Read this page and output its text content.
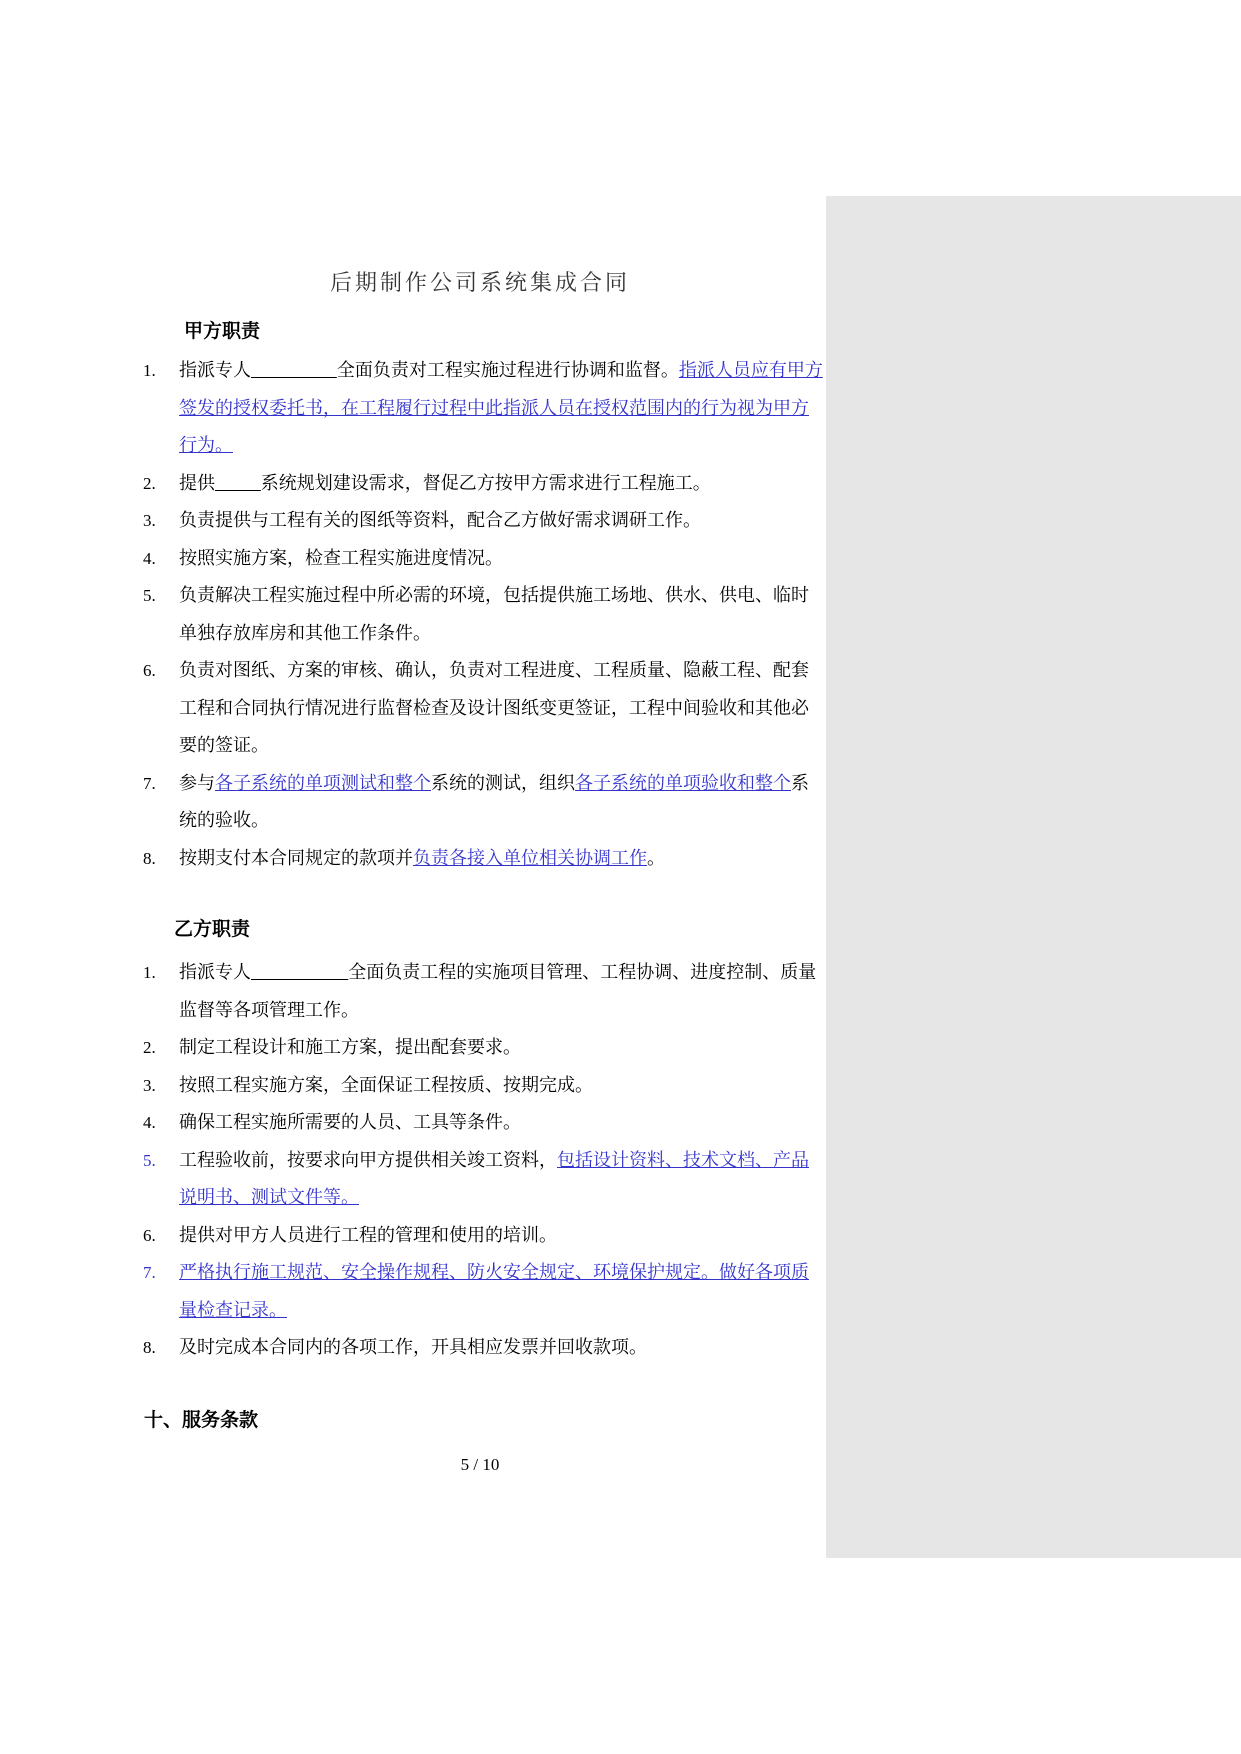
后期制作公司系统集成合同
甲方职责
1.	指派专人	全面负责对工程实施过程进行协调和监督。指派人员应有甲方签发的授权委托书，在工程履行过程中此指派人员在授权范围内的行为视为甲方行为。
2.	提供	系统规划建设需求，督促乙方按甲方需求进行工程施工。
3.	负责提供与工程有关的图纸等资料，配合乙方做好需求调研工作。
4.	按照实施方案，检查工程实施进度情况。
5.	负责解决工程实施过程中所必需的环境，包括提供施工场地、供水、供电、临时单独存放库房和其他工作条件。
6.	负责对图纸、方案的审核、确认，负责对工程进度、工程质量、隐蔽工程、配套工程和合同执行情况进行监督检查及设计图纸变更签证，工程中间验收和其他必要的签证。
7.	参与各子系统的单项测试和整个系统的测试，组织各子系统的单项验收和整个系统的验收。
8.	按期支付本合同规定的款项并负责各接入单位相关协调工作。
乙方职责
1.	指派专人	全面负责工程的实施项目管理、工程协调、进度控制、质量监督等各项管理工作。
2.	制定工程设计和施工方案，提出配套要求。
3.	按照工程实施方案，全面保证工程按质、按期完成。
4.	确保工程实施所需要的人员、工具等条件。
5.	工程验收前，按要求向甲方提供相关竣工资料，包括设计资料、技术文档、产品说明书、测试文件等。
6.	提供对甲方人员进行工程的管理和使用的培训。
7.	严格执行施工规范、安全操作规程、防火安全规定、环境保护规定。做好各项质量检查记录。
8.	及时完成本合同内的各项工作，开具相应发票并回收款项。
十、服务条款
5 / 10
